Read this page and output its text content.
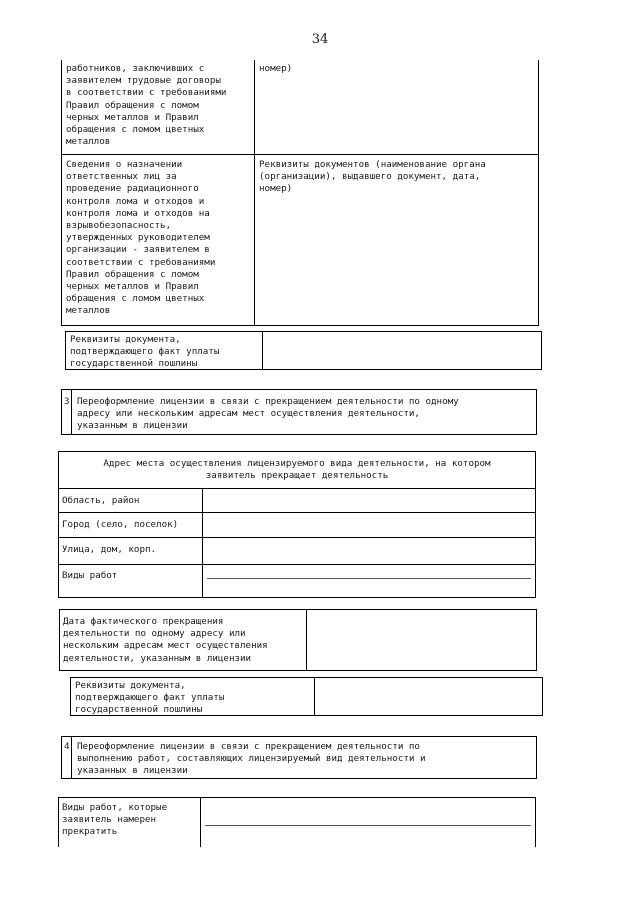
34

работников, заключивших с
заявителем трудовые договоры
в соответствии с требованиями
Правил обращения с ломом
черных металлов и Правил
обращения с ломом цветных
металлов

номер)

Сведения о назначении
ответственных лиц за
проведение радиационного
контроля лома и отходов и
контроля лома и отходов на
взрывобезопасность,
утвержденных руководителем
организации - заявителем в
соответствии с требованиями
Правил обращения с ломом
черных металлов и Правил
обращения с ломом цветных
металлов

Реквизиты документов (наименование органа
(организации), выдавшего документ, дата,
номер)

Реквизиты документа,
подтверждающего факт уплаты
государственной пошлины

3 Переоформление лицензии в связи с прекращением деятельности по одному
адресу или нескольким адресам мест осуществления деятельности,
указанным в лицензии

Адрес места осуществления лицензируемого вида деятельности, на котором
заявитель прекращает деятельность

Область, район

Город (село, поселок)

Улица, дом, корп.

Виды работ

Дата фактического прекращения
деятельности по одному адресу или
нескольким адресам мест осуществления
деятельности, указанным в лицензии

Реквизиты документа,
подтверждающего факт уплаты
государственной пошлины

4 Переоформление лицензии в связи с прекращением деятельности по
выполнению работ, составляющих лицензируемый вид деятельности и
указанных в лицензии

Виды работ, которые
заявитель намерен
прекратить
